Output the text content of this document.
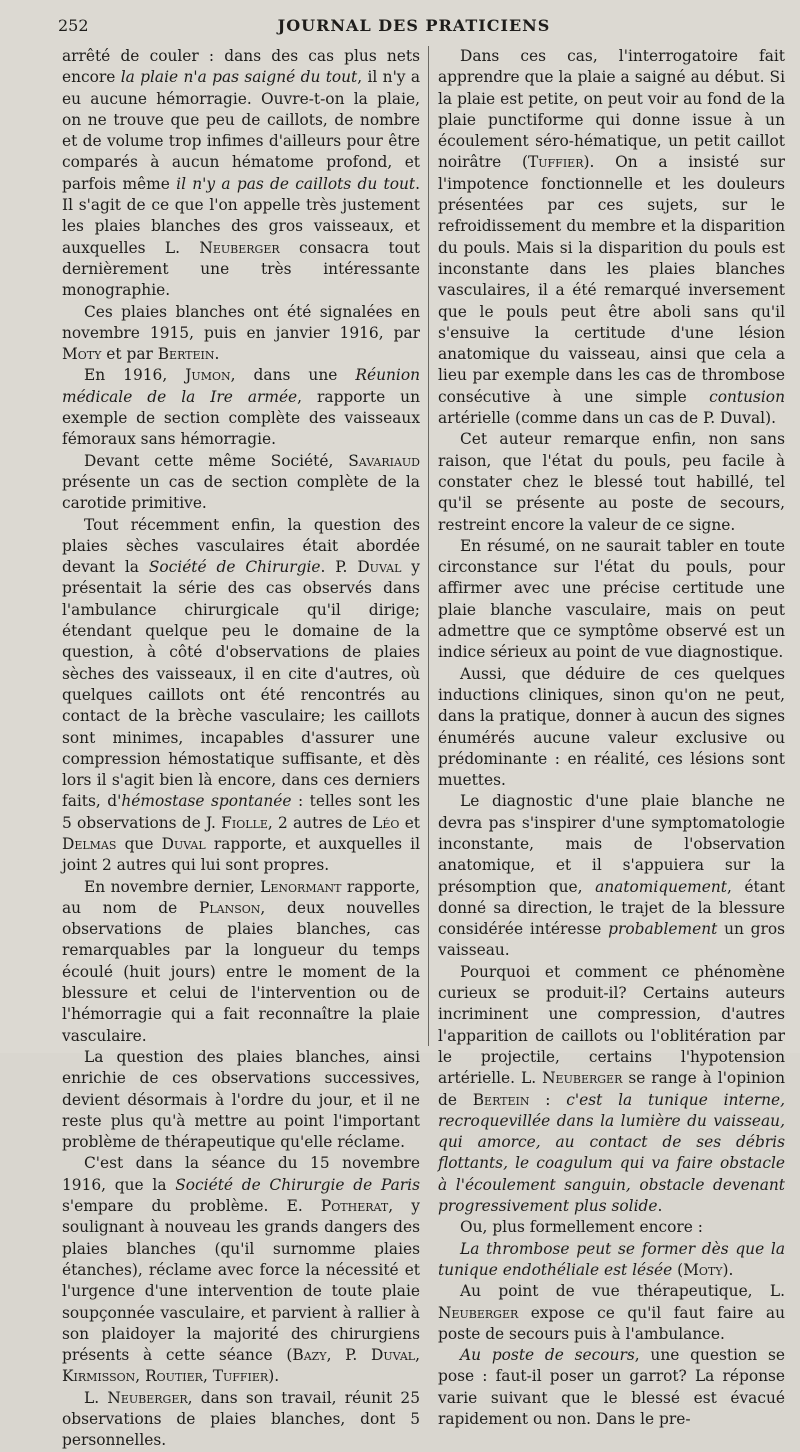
252	JOURNAL DES PRATICIENS

arrêté de couler : dans des cas plus nets encore la plaie n'a pas saigné du tout, il n'y a eu aucune hémorragie. Ouvre-t-on la plaie, on ne trouve que peu de caillots, de nombre et de volume trop infimes d'ailleurs pour être comparés à aucun hématome profond, et parfois même il n'y a pas de caillots du tout. Il s'agit de ce que l'on appelle très justement les plaies blanches des gros vaisseaux, et auxquelles L. Neuberger consacra tout dernièrement une très intéressante monographie.

Ces plaies blanches ont été signalées en novembre 1915, puis en janvier 1916, par Moty et par Bertein.

En 1916, Jumon, dans une Réunion médicale de la Ire armée, rapporte un exemple de section complète des vaisseaux fémoraux sans hémorragie.

Devant cette même Société, Savariaud présente un cas de section complète de la carotide primitive.

Tout récemment enfin, la question des plaies sèches vasculaires était abordée devant la Société de Chirurgie. P. Duval y présentait la série des cas observés dans l'ambulance chirurgicale qu'il dirige; étendant quelque peu le domaine de la question, à côté d'observations de plaies sèches des vaisseaux, il en cite d'autres, où quelques caillots ont été rencontrés au contact de la brèche vasculaire; les caillots sont minimes, incapables d'assurer une compression hémostatique suffisante, et dès lors il s'agit bien là encore, dans ces derniers faits, d'hémostase spontanée : telles sont les 5 observations de J. Fiolle, 2 autres de Léo et Delmas que Duval rapporte, et auxquelles il joint 2 autres qui lui sont propres.

En novembre dernier, Lenormant rapporte, au nom de Planson, deux nouvelles observations de plaies blanches, cas remarquables par la longueur du temps écoulé (huit jours) entre le moment de la blessure et celui de l'intervention ou de l'hémorragie qui a fait reconnaître la plaie vasculaire.

La question des plaies blanches, ainsi enrichie de ces observations successives, devient désormais à l'ordre du jour, et il ne reste plus qu'à mettre au point l'important problème de thérapeutique qu'elle réclame.

C'est dans la séance du 15 novembre 1916, que la Société de Chirurgie de Paris s'empare du problème. E. Potherat, y soulignant à nouveau les grands dangers des plaies blanches (qu'il surnomme plaies étanches), réclame avec force la nécessité et l'urgence d'une intervention de toute plaie soupçonnée vasculaire, et parvient à rallier à son plaidoyer la majorité des chirurgiens présents à cette séance (Bazy, P. Duval, Kirmisson, Routier, Tuffier).

L. Neuberger, dans son travail, réunit 25 observations de plaies blanches, dont 5 personnelles.

Dans ces cas, l'interrogatoire fait apprendre que la plaie a saigné au début. Si la plaie est petite, on peut voir au fond de la plaie punctiforme qui donne issue à un écoulement séro-hématique, un petit caillot noirâtre (Tuffier). On a insisté sur l'impotence fonctionnelle et les douleurs présentées par ces sujets, sur le refroidissement du membre et la disparition du pouls. Mais si la disparition du pouls est inconstante dans les plaies blanches vasculaires, il a été remarqué inversement que le pouls peut être aboli sans qu'il s'ensuive la certitude d'une lésion anatomique du vaisseau, ainsi que cela a lieu par exemple dans les cas de thrombose consécutive à une simple contusion artérielle (comme dans un cas de P. Duval).

Cet auteur remarque enfin, non sans raison, que l'état du pouls, peu facile à constater chez le blessé tout habillé, tel qu'il se présente au poste de secours, restreint encore la valeur de ce signe.

En résumé, on ne saurait tabler en toute circonstance sur l'état du pouls, pour affirmer avec une précise certitude une plaie blanche vasculaire, mais on peut admettre que ce symptôme observé est un indice sérieux au point de vue diagnostique.

Aussi, que déduire de ces quelques inductions cliniques, sinon qu'on ne peut, dans la pratique, donner à aucun des signes énumérés aucune valeur exclusive ou prédominante : en réalité, ces lésions sont muettes.

Le diagnostic d'une plaie blanche ne devra pas s'inspirer d'une symptomatologie inconstante, mais de l'observation anatomique, et il s'appuiera sur la présomption que, anatomiquement, étant donné sa direction, le trajet de la blessure considérée intéresse probablement un gros vaisseau.

Pourquoi et comment ce phénomène curieux se produit-il? Certains auteurs incriminent une compression, d'autres l'apparition de caillots ou l'oblitération par le projectile, certains l'hypotension artérielle. L. Neuberger se range à l'opinion de Bertein : c'est la tunique interne, recroquevillée dans la lumière du vaisseau, qui amorce, au contact de ses débris flottants, le coagulum qui va faire obstacle à l'écoulement sanguin, obstacle devenant progressivement plus solide.

Ou, plus formellement encore :

La thrombose peut se former dès que la tunique endothéliale est lésée (Moty).

Au point de vue thérapeutique, L. Neuberger expose ce qu'il faut faire au poste de secours puis à l'ambulance.

Au poste de secours, une question se pose : faut-il poser un garrot? La réponse varie suivant que le blessé est évacué rapidement ou non. Dans le pre-
